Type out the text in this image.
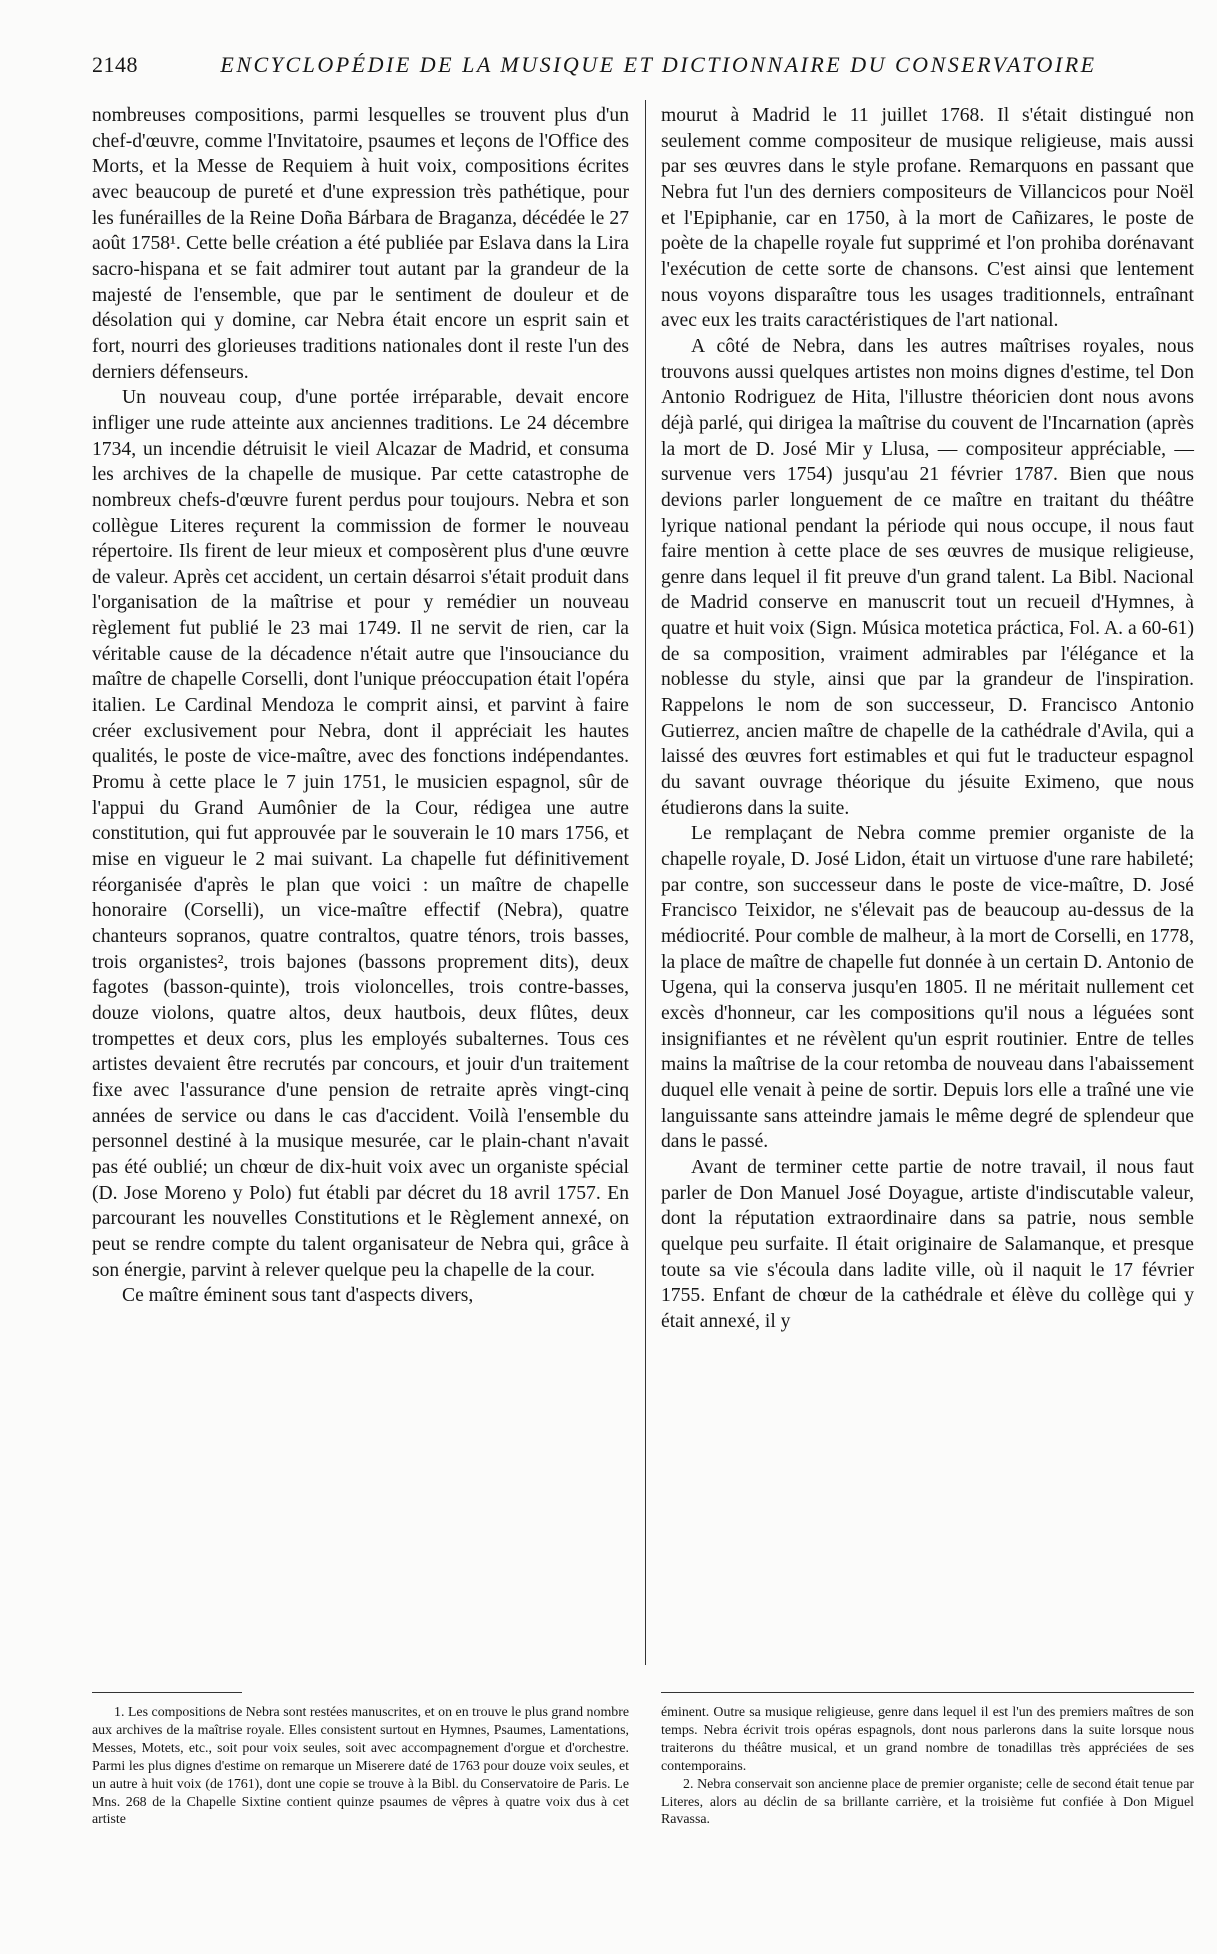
2148	ENCYCLOPÉDIE DE LA MUSIQUE ET DICTIONNAIRE DU CONSERVATOIRE

nombreuses compositions, parmi lesquelles se trouvent plus d'un chef-d'œuvre, comme l'Invitatoire, psaumes et leçons de l'Office des Morts, et la Messe de Requiem à huit voix, compositions écrites avec beaucoup de pureté et d'une expression très pathétique, pour les funérailles de la Reine Doña Bárbara de Braganza, décédée le 27 août 1758¹. Cette belle création a été publiée par Eslava dans la Lira sacro-hispana et se fait admirer tout autant par la grandeur de la majesté de l'ensemble, que par le sentiment de douleur et de désolation qui y domine, car Nebra était encore un esprit sain et fort, nourri des glorieuses traditions nationales dont il reste l'un des derniers défenseurs.

Un nouveau coup, d'une portée irréparable, devait encore infliger une rude atteinte aux anciennes traditions. Le 24 décembre 1734, un incendie détruisit le vieil Alcazar de Madrid, et consuma les archives de la chapelle de musique. Par cette catastrophe de nombreux chefs-d'œuvre furent perdus pour toujours. Nebra et son collègue Literes reçurent la commission de former le nouveau répertoire. Ils firent de leur mieux et composèrent plus d'une œuvre de valeur. Après cet accident, un certain désarroi s'était produit dans l'organisation de la maîtrise et pour y remédier un nouveau règlement fut publié le 23 mai 1749. Il ne servit de rien, car la véritable cause de la décadence n'était autre que l'insouciance du maître de chapelle Corselli, dont l'unique préoccupation était l'opéra italien. Le Cardinal Mendoza le comprit ainsi, et parvint à faire créer exclusivement pour Nebra, dont il appréciait les hautes qualités, le poste de vice-maître, avec des fonctions indépendantes. Promu à cette place le 7 juin 1751, le musicien espagnol, sûr de l'appui du Grand Aumônier de la Cour, rédigea une autre constitution, qui fut approuvée par le souverain le 10 mars 1756, et mise en vigueur le 2 mai suivant. La chapelle fut définitivement réorganisée d'après le plan que voici : un maître de chapelle honoraire (Corselli), un vice-maître effectif (Nebra), quatre chanteurs sopranos, quatre contraltos, quatre ténors, trois basses, trois organistes², trois bajones (bassons proprement dits), deux fagotes (basson-quinte), trois violoncelles, trois contre-basses, douze violons, quatre altos, deux hautbois, deux flûtes, deux trompettes et deux cors, plus les employés subalternes. Tous ces artistes devaient être recrutés par concours, et jouir d'un traitement fixe avec l'assurance d'une pension de retraite après vingt-cinq années de service ou dans le cas d'accident. Voilà l'ensemble du personnel destiné à la musique mesurée, car le plain-chant n'avait pas été oublié; un chœur de dix-huit voix avec un organiste spécial (D. Jose Moreno y Polo) fut établi par décret du 18 avril 1757. En parcourant les nouvelles Constitutions et le Règlement annexé, on peut se rendre compte du talent organisateur de Nebra qui, grâce à son énergie, parvint à relever quelque peu la chapelle de la cour.

Ce maître éminent sous tant d'aspects divers,

mourut à Madrid le 11 juillet 1768. Il s'était distingué non seulement comme compositeur de musique religieuse, mais aussi par ses œuvres dans le style profane. Remarquons en passant que Nebra fut l'un des derniers compositeurs de Villancicos pour Noël et l'Epiphanie, car en 1750, à la mort de Cañizares, le poste de poète de la chapelle royale fut supprimé et l'on prohiba dorénavant l'exécution de cette sorte de chansons. C'est ainsi que lentement nous voyons disparaître tous les usages traditionnels, entraînant avec eux les traits caractéristiques de l'art national.

A côté de Nebra, dans les autres maîtrises royales, nous trouvons aussi quelques artistes non moins dignes d'estime, tel Don Antonio Rodriguez de Hita, l'illustre théoricien dont nous avons déjà parlé, qui dirigea la maîtrise du couvent de l'Incarnation (après la mort de D. José Mir y Llusa, — compositeur appréciable, — survenue vers 1754) jusqu'au 21 février 1787. Bien que nous devions parler longuement de ce maître en traitant du théâtre lyrique national pendant la période qui nous occupe, il nous faut faire mention à cette place de ses œuvres de musique religieuse, genre dans lequel il fit preuve d'un grand talent. La Bibl. Nacional de Madrid conserve en manuscrit tout un recueil d'Hymnes, à quatre et huit voix (Sign. Música motetica práctica, Fol. A. a 60-61) de sa composition, vraiment admirables par l'élégance et la noblesse du style, ainsi que par la grandeur de l'inspiration. Rappelons le nom de son successeur, D. Francisco Antonio Gutierrez, ancien maître de chapelle de la cathédrale d'Avila, qui a laissé des œuvres fort estimables et qui fut le traducteur espagnol du savant ouvrage théorique du jésuite Eximeno, que nous étudierons dans la suite.

Le remplaçant de Nebra comme premier organiste de la chapelle royale, D. José Lidon, était un virtuose d'une rare habileté; par contre, son successeur dans le poste de vice-maître, D. José Francisco Teixidor, ne s'élevait pas de beaucoup au-dessus de la médiocrité. Pour comble de malheur, à la mort de Corselli, en 1778, la place de maître de chapelle fut donnée à un certain D. Antonio de Ugena, qui la conserva jusqu'en 1805. Il ne méritait nullement cet excès d'honneur, car les compositions qu'il nous a léguées sont insignifiantes et ne révèlent qu'un esprit routinier. Entre de telles mains la maîtrise de la cour retomba de nouveau dans l'abaissement duquel elle venait à peine de sortir. Depuis lors elle a traîné une vie languissante sans atteindre jamais le même degré de splendeur que dans le passé.

Avant de terminer cette partie de notre travail, il nous faut parler de Don Manuel José Doyague, artiste d'indiscutable valeur, dont la réputation extraordinaire dans sa patrie, nous semble quelque peu surfaite. Il était originaire de Salamanque, et presque toute sa vie s'écoula dans ladite ville, où il naquit le 17 février 1755. Enfant de chœur de la cathédrale et élève du collège qui y était annexé, il y

1. Les compositions de Nebra sont restées manuscrites, et on en trouve le plus grand nombre aux archives de la maîtrise royale. Elles consistent surtout en Hymnes, Psaumes, Lamentations, Messes, Motets, etc., soit pour voix seules, soit avec accompagnement d'orgue et d'orchestre. Parmi les plus dignes d'estime on remarque un Miserere daté de 1763 pour douze voix seules, et un autre à huit voix (de 1761), dont une copie se trouve à la Bibl. du Conservatoire de Paris. Le Mns. 268 de la Chapelle Sixtine contient quinze psaumes de vêpres à quatre voix dus à cet artiste

éminent. Outre sa musique religieuse, genre dans lequel il est l'un des premiers maîtres de son temps. Nebra écrivit trois opéras espagnols, dont nous parlerons dans la suite lorsque nous traiterons du théâtre musical, et un grand nombre de tonadillas très appréciées de ses contemporains.

2. Nebra conservait son ancienne place de premier organiste; celle de second était tenue par Literes, alors au déclin de sa brillante carrière, et la troisième fut confiée à Don Miguel Ravassa.
